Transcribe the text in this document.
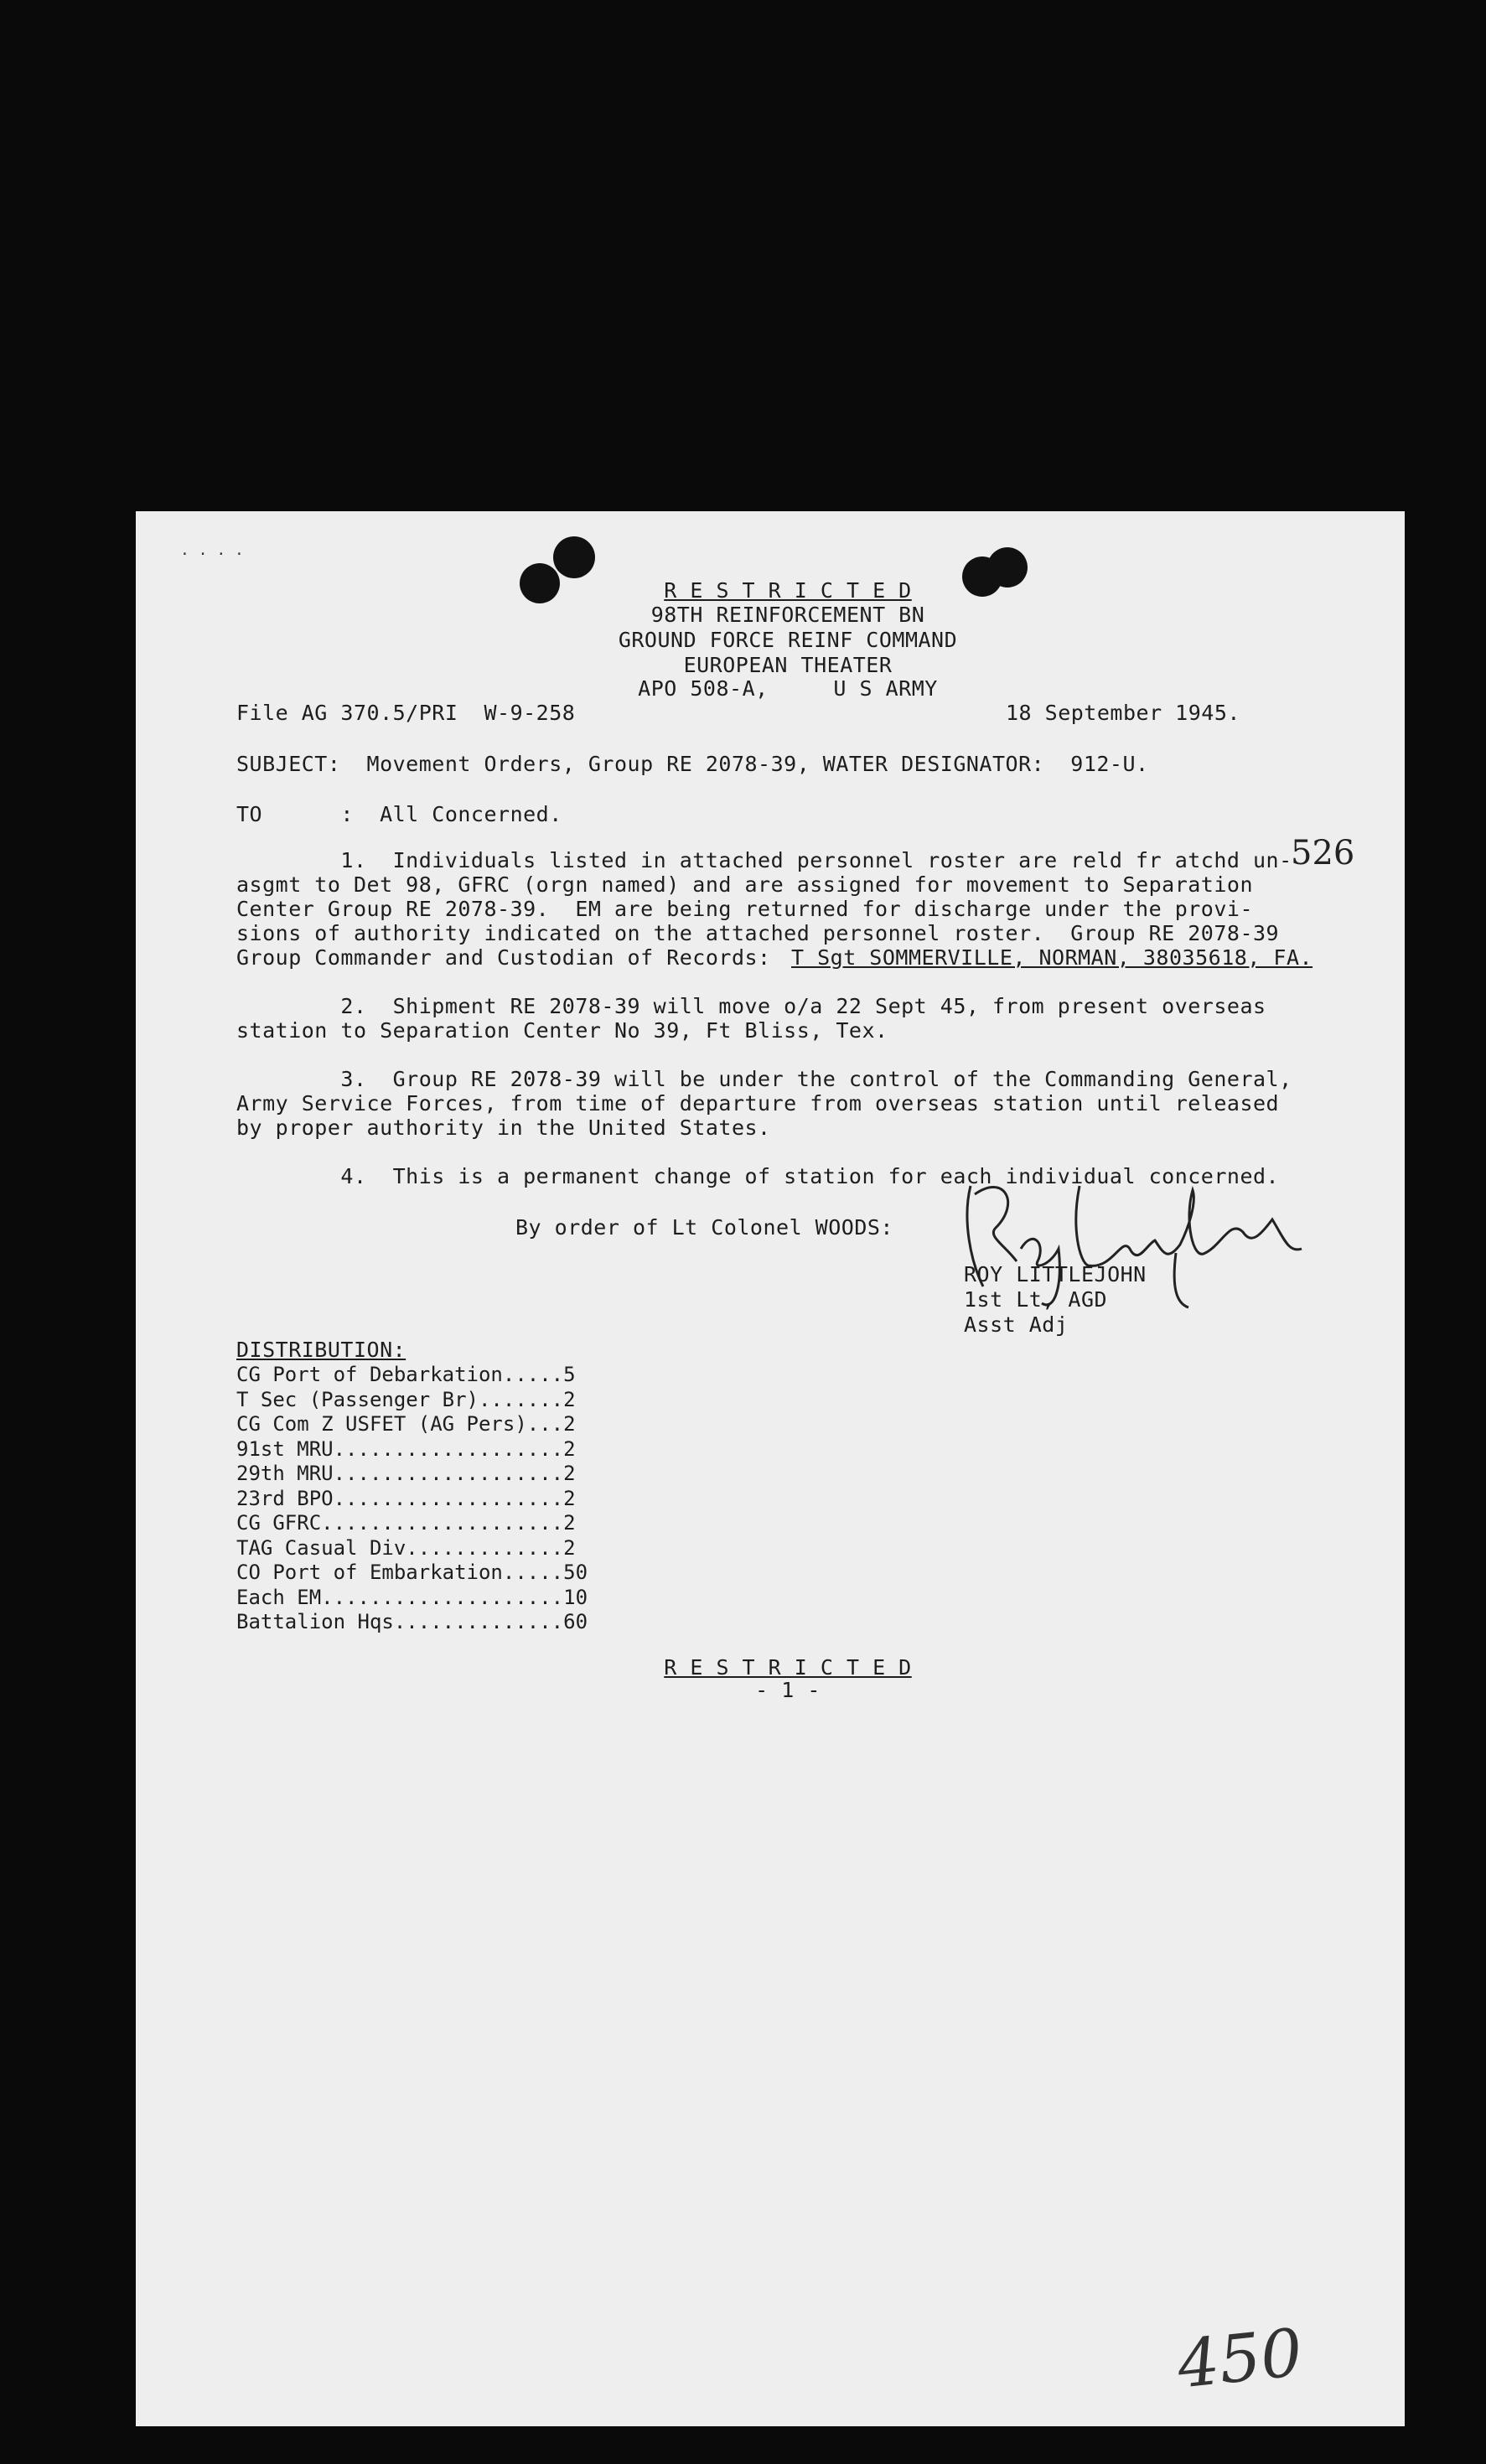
· · · ·
R E S T R I C T E D
98TH REINFORCEMENT BN
GROUND FORCE REINF COMMAND
EUROPEAN THEATER
APO 508-A,     U S ARMY
File AG 370.5/PRI  W-9-258	18 September 1945.
SUBJECT:  Movement Orders, Group RE 2078-39, WATER DESIGNATOR:  912-U.
TO      :  All Concerned.
526
1.  Individuals listed in attached personnel roster are reld fr atchd un-
asgmt to Det 98, GFRC (orgn named) and are assigned for movement to Separation
Center Group RE 2078-39.  EM are being returned for discharge under the provi-
sions of authority indicated on the attached personnel roster.  Group RE 2078-39
Group Commander and Custodian of Records:
T Sgt SOMMERVILLE, NORMAN, 38035618, FA.
2.  Shipment RE 2078-39 will move o/a 22 Sept 45, from present overseas
station to Separation Center No 39, Ft Bliss, Tex.
3.  Group RE 2078-39 will be under the control of the Commanding General,
Army Service Forces, from time of departure from overseas station until released
by proper authority in the United States.
4.  This is a permanent change of station for each individual concerned.
By order of Lt Colonel WOODS:
ROY LITTLEJOHN
1st Lt, AGD
Asst Adj
DISTRIBUTION:
CG Port of Debarkation.....5
T Sec (Passenger Br).......2
CG Com Z USFET (AG Pers)...2
91st MRU...................2
29th MRU...................2
23rd BPO...................2
CG GFRC....................2
TAG Casual Div.............2
CO Port of Embarkation.....50
Each EM....................10
Battalion Hqs..............60
R E S T R I C T E D
- 1 -
450
